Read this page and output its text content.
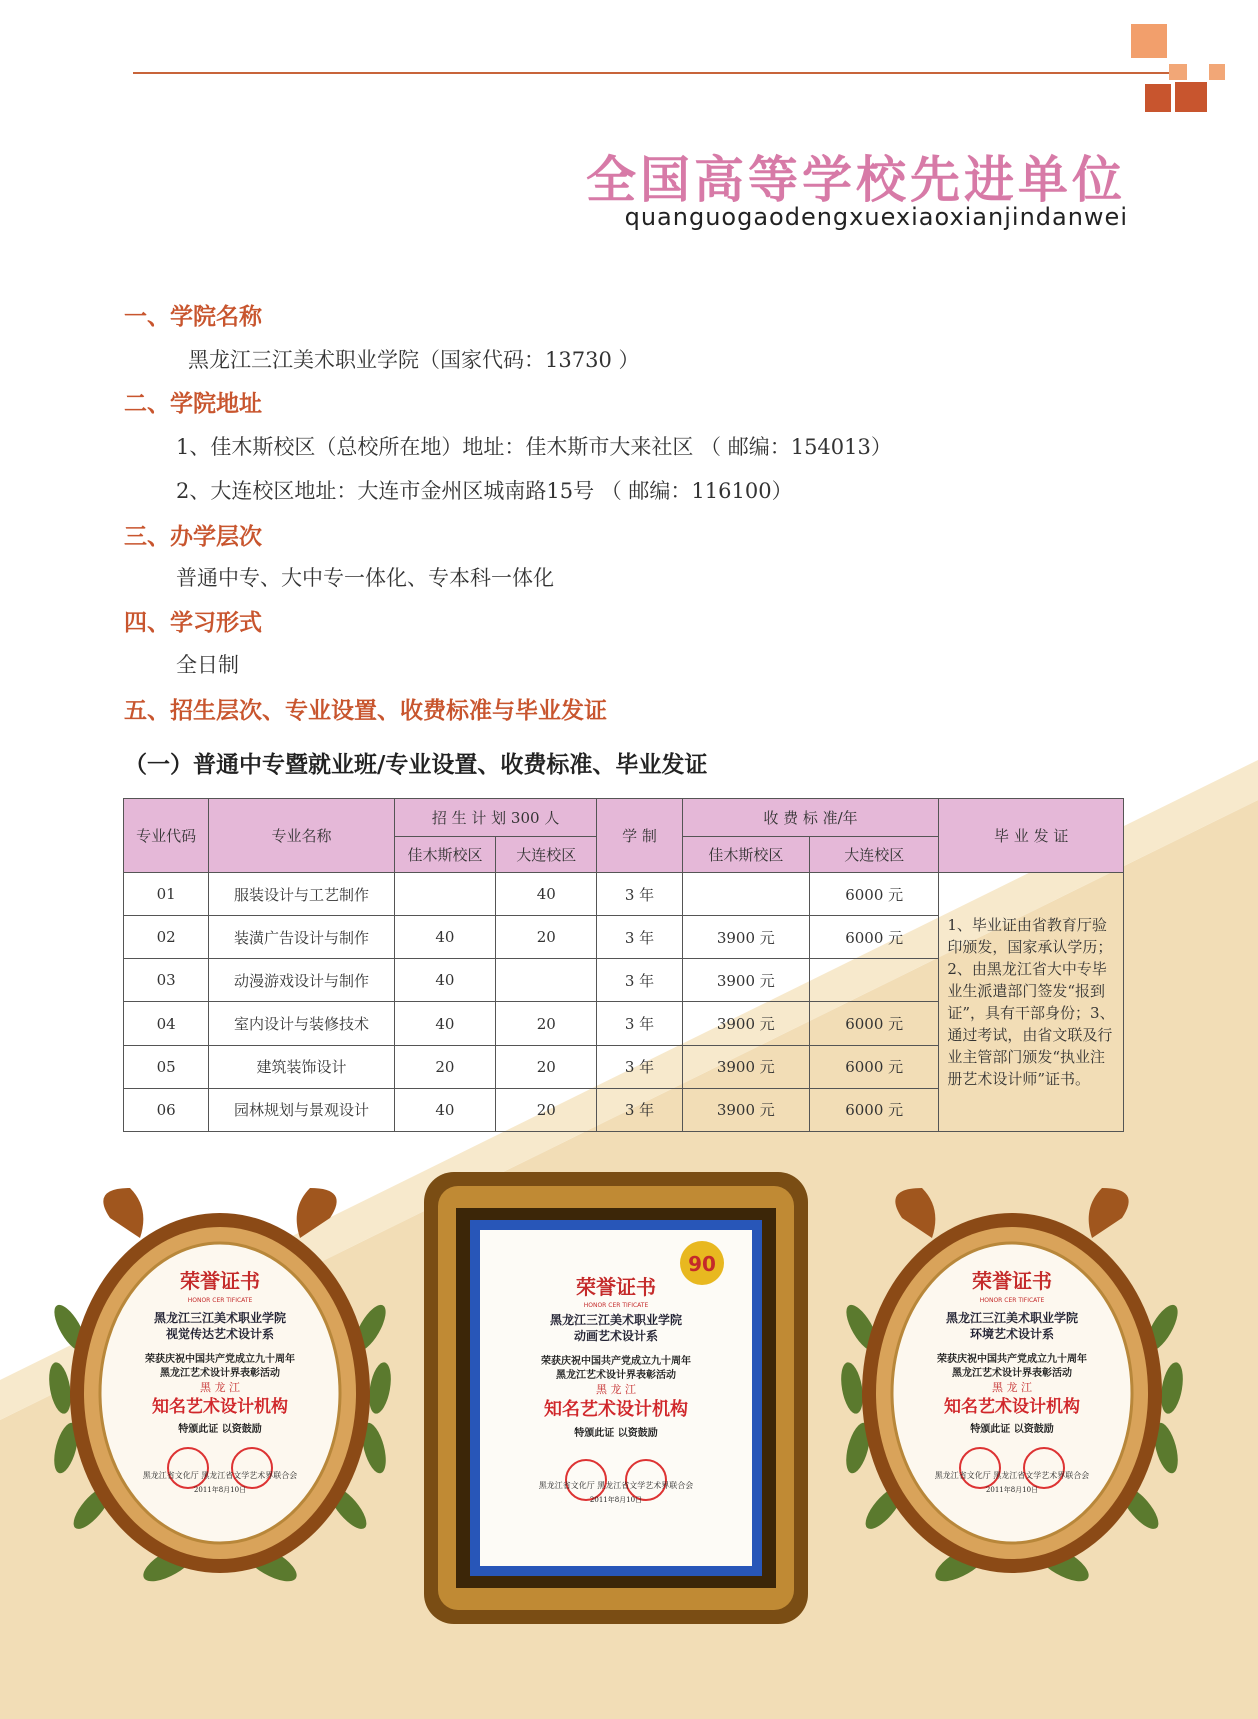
全国高等学校先进单位
quanguogaodengxuexiaoxianjindanwei
一、学院名称
黑龙江三江美术职业学院（国家代码：13730 ）
二、学院地址
1、佳木斯校区（总校所在地）地址：佳木斯市大来社区 （ 邮编：154013）
2、大连校区地址：大连市金州区城南路15号 （ 邮编：116100）
三、办学层次
普通中专、大中专一体化、专本科一体化
四、学习形式
全日制
五、招生层次、专业设置、收费标准与毕业发证
（一）普通中专暨就业班/专业设置、收费标准、毕业发证
专业代码	专业名称	招 生 计 划 300 人		学 制	收 费 标 准/年		毕 业 发 证
		佳木斯校区	大连校区		佳木斯校区	大连校区	
01	服装设计与工艺制作		40	3 年		6000 元	1、毕业证由省教育厅验印颁发，国家承认学历；2、由黑龙江省大中专毕业生派遣部门签发“报到证”，具有干部身份；3、通过考试，由省文联及行业主管部门颁发“执业注册艺术设计师”证书。
02	装潢广告设计与制作	40	20	3 年	3900 元	6000 元	
03	动漫游戏设计与制作	40		3 年	3900 元		
04	室内设计与装修技术	40	20	3 年	3900 元	6000 元	
05	建筑装饰设计	20	20	3 年	3900 元	6000 元	
06	园林规划与景观设计	40	20	3 年	3900 元	6000 元	
荣誉证书
HONOR CER TIFICATE
黑龙江三江美术职业学院
视觉传达艺术设计系
荣获庆祝中国共产党成立九十周年
黑龙江艺术设计界表彰活动
黑 龙 江
知名艺术设计机构
特颁此证 以资鼓励
黑龙江省文化厅 黑龙江省文学艺术界联合会
2011年8月10日
90
荣誉证书
HONOR CER TIFICATE
黑龙江三江美术职业学院
动画艺术设计系
荣获庆祝中国共产党成立九十周年
黑龙江艺术设计界表彰活动
黑 龙 江
知名艺术设计机构
特颁此证 以资鼓励
黑龙江省文化厅 黑龙江省文学艺术界联合会
2011年8月10日
荣誉证书
HONOR CER TIFICATE
黑龙江三江美术职业学院
环境艺术设计系
荣获庆祝中国共产党成立九十周年
黑龙江艺术设计界表彰活动
黑 龙 江
知名艺术设计机构
特颁此证 以资鼓励
黑龙江省文化厅 黑龙江省文学艺术界联合会
2011年8月10日
